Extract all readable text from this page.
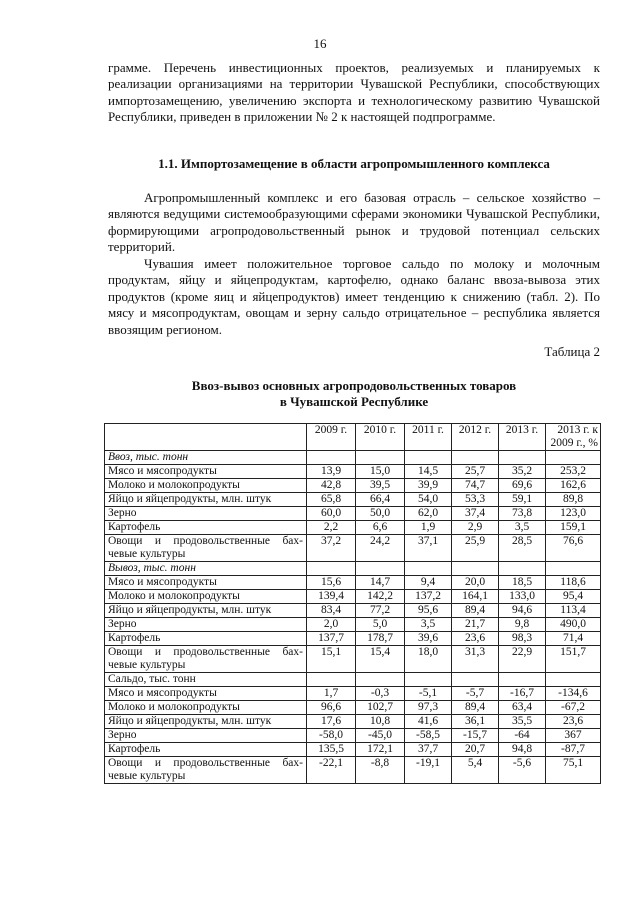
16

грамме. Перечень инвестиционных проектов, реализуемых и планируемых к реализации организациями на территории Чувашской Республики, способствующих импортозамещению, увеличению экспорта и технологическому развитию Чувашской Республики, приведен в приложении № 2 к настоящей подпрограмме.

1.1. Импортозамещение в области агропромышленного комплекса

Агропромышленный комплекс и его базовая отрасль – сельское хозяйство – являются ведущими системообразующими сферами экономики Чувашской Республики, формирующими агропродовольственный рынок и трудовой потенциал сельских территорий.

Чувашия имеет положительное торговое сальдо по молоку и молочным продуктам, яйцу и яйцепродуктам, картофелю, однако баланс ввоза-вывоза этих продуктов (кроме яиц и яйцепродуктов) имеет тенденцию к снижению (табл. 2). По мясу и мясопродуктам, овощам и зерну сальдо отрицательное – республика является ввозящим регионом.

Таблица 2
Ввоз-вывоз основных агропродовольственных товаров
в Чувашской Республике
	2009 г.	2010 г.	2011 г.	2012 г.	2013 г.	2013 г. к 2009 г., %
Ввоз, тыс. тонн						
Мясо и мясопродукты	13,9	15,0	14,5	25,7	35,2	253,2
Молоко и молокопродукты	42,8	39,5	39,9	74,7	69,6	162,6
Яйцо и яйцепродукты, млн. штук	65,8	66,4	54,0	53,3	59,1	89,8
Зерно	60,0	50,0	62,0	37,4	73,8	123,0
Картофель	2,2	6,6	1,9	2,9	3,5	159,1

Овощи и продовольственные бах-
чевые культуры	37,2	24,2	37,1	25,9	28,5	76,6
Вывоз, тыс. тонн						
Мясо и мясопродукты	15,6	14,7	9,4	20,0	18,5	118,6
Молоко и молокопродукты	139,4	142,2	137,2	164,1	133,0	95,4
Яйцо и яйцепродукты, млн. штук	83,4	77,2	95,6	89,4	94,6	113,4
Зерно	2,0	5,0	3,5	21,7	9,8	490,0
Картофель	137,7	178,7	39,6	23,6	98,3	71,4

Овощи и продовольственные бах-
чевые культуры	15,1	15,4	18,0	31,3	22,9	151,7
Сальдо, тыс. тонн						
Мясо и мясопродукты	1,7	-0,3	-5,1	-5,7	-16,7	-134,6
Молоко и молокопродукты	96,6	102,7	97,3	89,4	63,4	-67,2
Яйцо и яйцепродукты, млн. штук	17,6	10,8	41,6	36,1	35,5	23,6
Зерно	-58,0	-45,0	-58,5	-15,7	-64	367
Картофель	135,5	172,1	37,7	20,7	94,8	-87,7

Овощи и продовольственные бах-
чевые культуры	-22,1	-8,8	-19,1	5,4	-5,6	75,1
